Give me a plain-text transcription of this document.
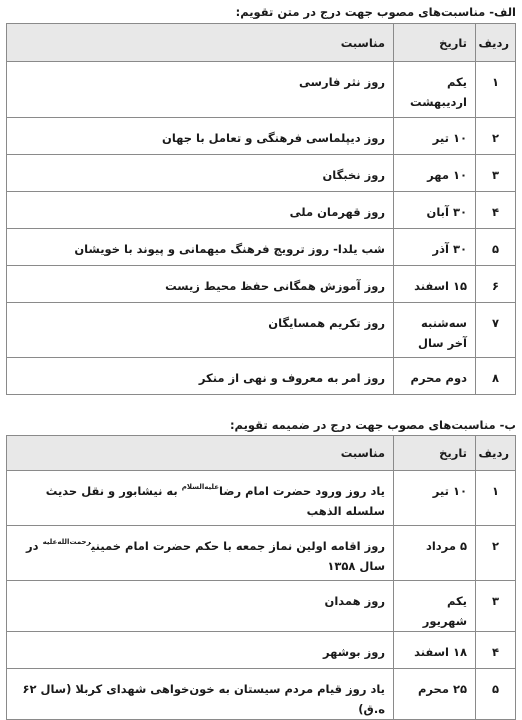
الف- مناسبت‌های مصوب جهت درج در متن تقویم:
ردیف	تاریخ	مناسبت
۱	یکم اردیبهشت	روز نثر فارسی
۲	۱۰ تیر	روز دیپلماسی فرهنگی و تعامل با جهان
۳	۱۰ مهر	روز نخبگان
۴	۳۰ آبان	روز قهرمان ملی
۵	۳۰ آذر	شب یلدا- روز ترویج فرهنگ میهمانی و پیوند با خویشان
۶	۱۵ اسفند	روز آموزش همگانی حفظ محیط زیست
۷	سه‌شنبه آخر سال	روز تکریم همسایگان
۸	دوم محرم	روز امر به معروف و نهی از منکر
ب- مناسبت‌های مصوب جهت درج در ضمیمه تقویم:
ردیف	تاریخ	مناسبت
۱	۱۰ تیر	یاد روز ورود حضرت امام رضا$^{علیه‌السلام}$ به نیشابور و نقل حدیث سلسله الذهب
۲	۵ مرداد	روز اقامه اولین نماز جمعه با حکم حضرت امام خمینی$^{رحمت‌الله‌علیه}$ در سال ۱۳۵۸
۳	یکم شهریور	روز همدان
۴	۱۸ اسفند	روز بوشهر
۵	۲۵ محرم	یاد روز قیام مردم سیستان به خون‌خواهی شهدای کربلا (سال ۶۲ ه.ق)
